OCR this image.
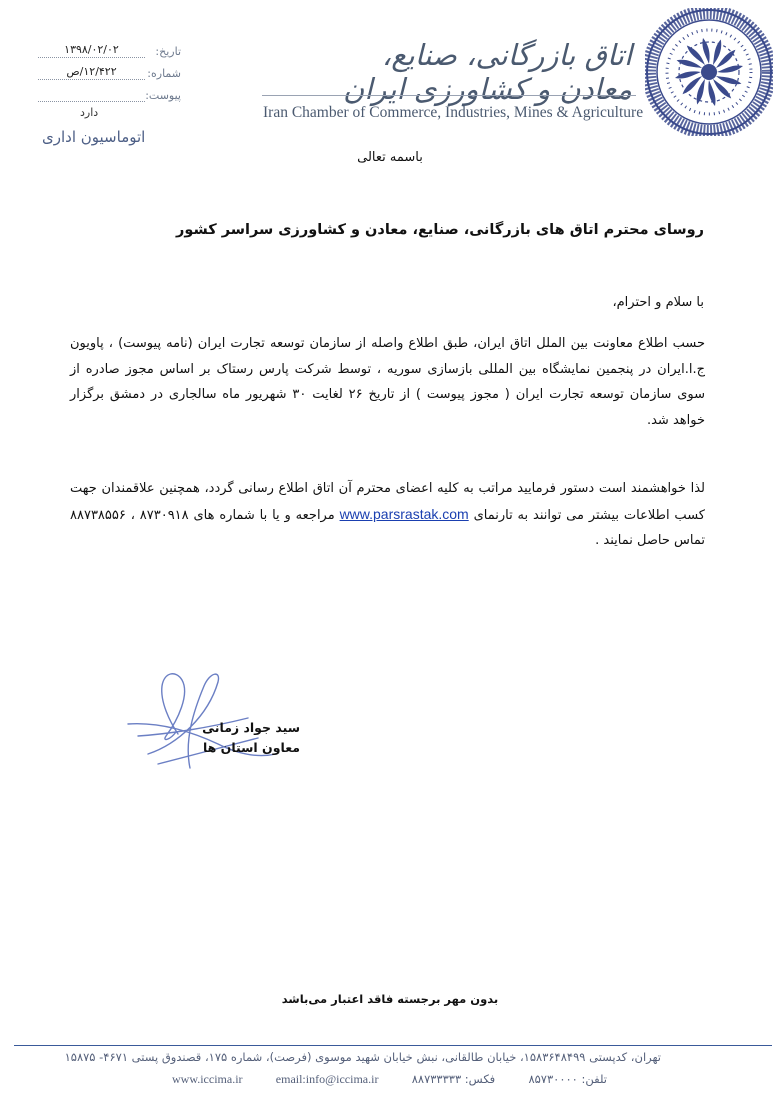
اتاق بازرگانی، صنایع، معادن و کشاورزی ایران
Iran Chamber of Commerce, Industries, Mines & Agriculture
تاریخ:
۱۳۹۸/۰۲/۰۲
شماره:
۱۲/۴۲۲/ص
پیوست:
دارد
اتوماسیون اداری
باسمه تعالی
روسای محترم اتاق های بازرگانی، صنایع، معادن و کشاورزی سراسر کشور
با سلام و احترام،
حسب اطلاع معاونت بین الملل اتاق ایران، طبق اطلاع واصله از سازمان توسعه تجارت ایران (نامه پیوست) ، پاویون ج.ا.ایران در پنجمین نمایشگاه بین المللی بازسازی سوریه ، توسط شرکت پارس رستاک بر اساس مجوز صادره از سوی سازمان توسعه تجارت ایران ( مجوز پیوست ) از تاریخ ۲۶ لغایت ۳۰ شهریور ماه سالجاری در دمشق برگزار خواهد شد.
لذا خواهشمند است دستور فرمایید مراتب به کلیه اعضای محترم آن اتاق اطلاع رسانی گردد، همچنین علاقمندان جهت کسب اطلاعات بیشتر می توانند به تارنمای www.parsrastak.com مراجعه و یا با شماره های ۸۷۳۰۹۱۸ ، ۸۸۷۳۸۵۵۶ تماس حاصل نمایند .
سید جواد زمانی
معاون استان ها
بدون مهر برجسته فاقد اعتبار می‌باشد
تهران، کدپستی ۱۵۸۳۶۴۸۴۹۹، خیابان طالقانی، نبش خیابان شهید موسوی (فرصت)، شماره ۱۷۵، قصندوق پستی ۴۶۷۱- ۱۵۸۷۵
www.iccima.ir	email:info@iccima.ir	فکس: ۸۸۷۳۳۳۳۳	تلفن: ۸۵۷۳۰۰۰۰
